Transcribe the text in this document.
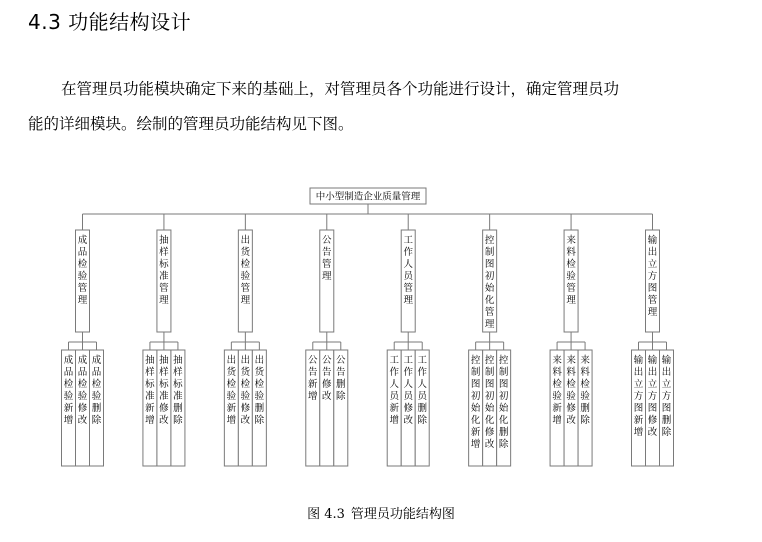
4.3 功能结构设计
在管理员功能模块确定下来的基础上，对管理员各个功能进行设计，确定管理员功
能的详细模块。绘制的管理员功能结构见下图。
中小型制造企业质量管理
成品检验管理
成品检验新增
成品检验修改
成品检验删除
抽样标准管理
抽样标准新增
抽样标准修改
抽样标准删除
出货检验管理
出货检验新增
出货检验修改
出货检验删除
公告管理
公告新增
公告修改
公告删除
工作人员管理
工作人员新增
工作人员修改
工作人员删除
控制图初始化管理
控制图初始化新增
控制图初始化修改
控制图初始化删除
来料检验管理
来料检验新增
来料检验修改
来料检验删除
输出立方图管理
输出立方图新增
输出立方图修改
输出立方图删除
图 4.3 管理员功能结构图
